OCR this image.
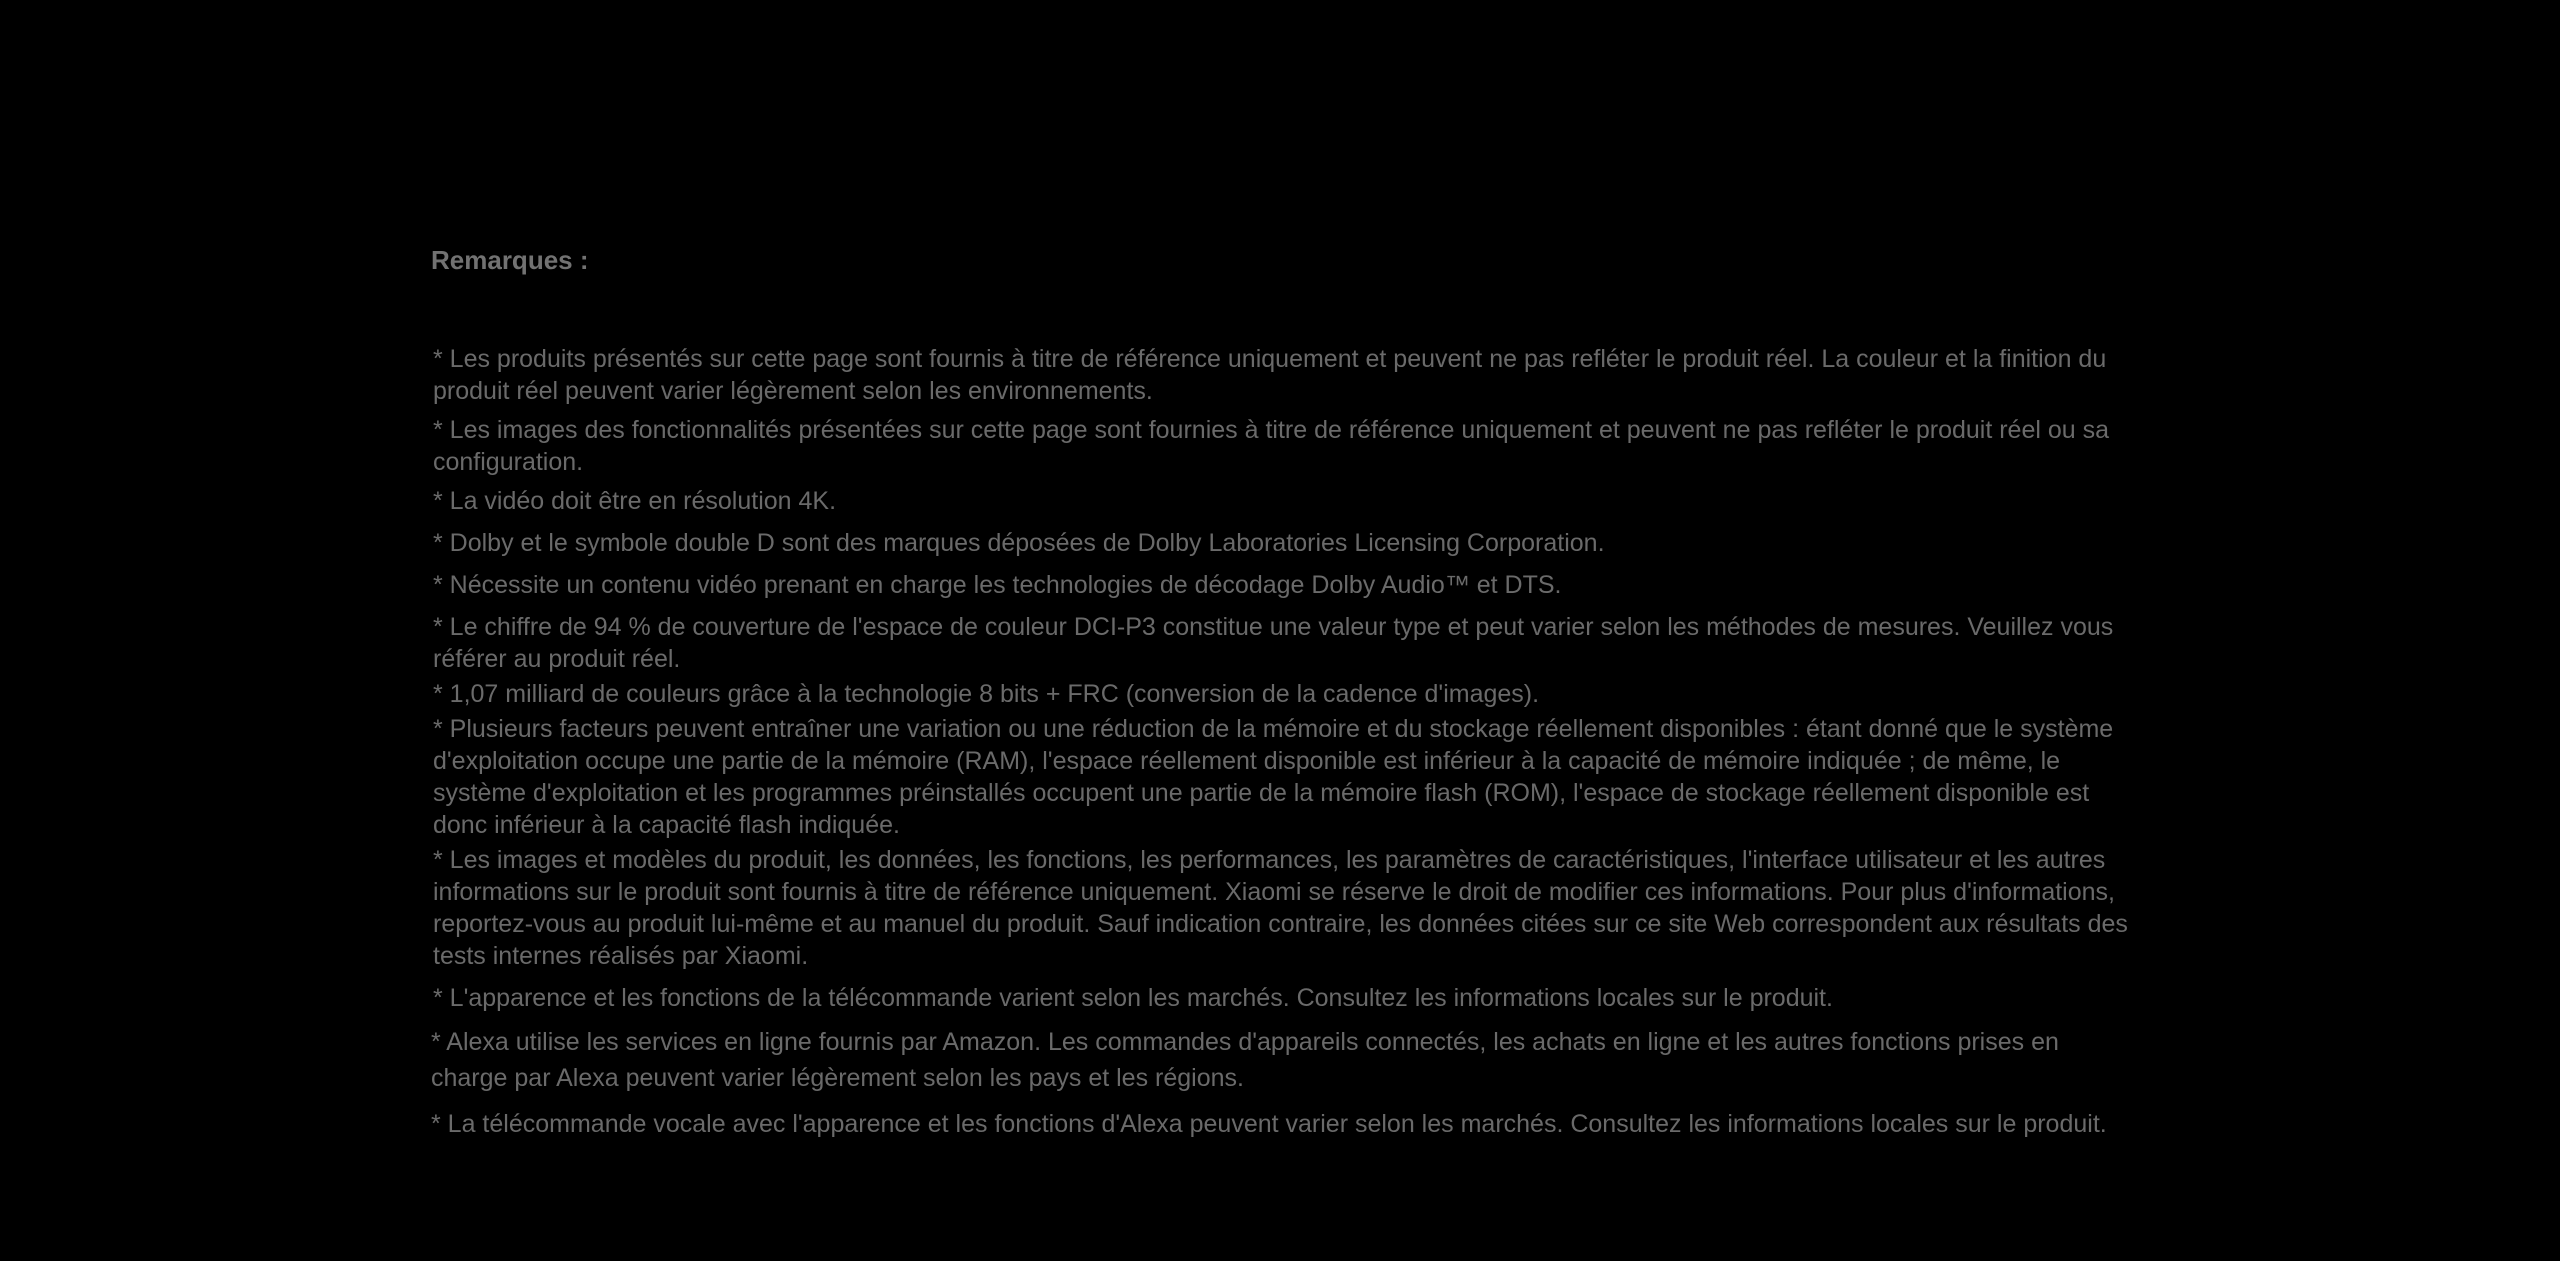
Remarques :
* Les produits présentés sur cette page sont fournis à titre de référence uniquement et peuvent ne pas refléter le produit réel. La couleur et la finition du produit réel peuvent varier légèrement selon les environnements.
* Les images des fonctionnalités présentées sur cette page sont fournies à titre de référence uniquement et peuvent ne pas refléter le produit réel ou sa configuration.
* La vidéo doit être en résolution 4K.
* Dolby et le symbole double D sont des marques déposées de Dolby Laboratories Licensing Corporation.
* Nécessite un contenu vidéo prenant en charge les technologies de décodage Dolby Audio™ et DTS.
* Le chiffre de 94 % de couverture de l'espace de couleur DCI-P3 constitue une valeur type et peut varier selon les méthodes de mesures. Veuillez vous référer au produit réel.
* 1,07 milliard de couleurs grâce à la technologie 8 bits + FRC (conversion de la cadence d'images).
* Plusieurs facteurs peuvent entraîner une variation ou une réduction de la mémoire et du stockage réellement disponibles : étant donné que le système d'exploitation occupe une partie de la mémoire (RAM), l'espace réellement disponible est inférieur à la capacité de mémoire indiquée ; de même, le système d'exploitation et les programmes préinstallés occupent une partie de la mémoire flash (ROM), l'espace de stockage réellement disponible est donc inférieur à la capacité flash indiquée.
* Les images et modèles du produit, les données, les fonctions, les performances, les paramètres de caractéristiques, l'interface utilisateur et les autres informations sur le produit sont fournis à titre de référence uniquement. Xiaomi se réserve le droit de modifier ces informations. Pour plus d'informations, reportez-vous au produit lui-même et au manuel du produit. Sauf indication contraire, les données citées sur ce site Web correspondent aux résultats des tests internes réalisés par Xiaomi.
* L'apparence et les fonctions de la télécommande varient selon les marchés. Consultez les informations locales sur le produit.
* Alexa utilise les services en ligne fournis par Amazon. Les commandes d'appareils connectés, les achats en ligne et les autres fonctions prises en charge par Alexa peuvent varier légèrement selon les pays et les régions.
* La télécommande vocale avec l'apparence et les fonctions d'Alexa peuvent varier selon les marchés. Consultez les informations locales sur le produit.
